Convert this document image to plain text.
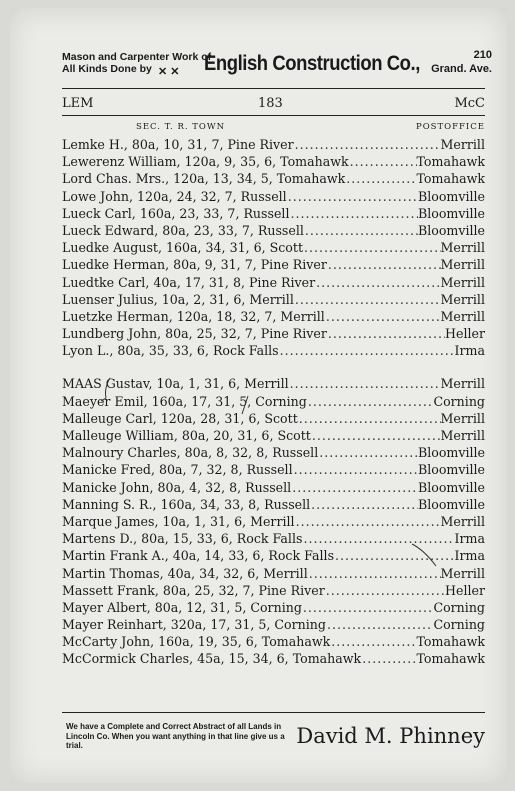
Mason and Carpenter Work of
All Kinds Done by ✕ ✕ English Construction Co.,	210
Grand. Ave.
LEM	183	McC
SEC. T. R. TOWN	POSTOFFICE
Lemke H., 80a, 10, 31, 7, Pine River .....	Merrill
Lewerenz William, 120a, 9, 35, 6, Tomahawk .....	Tomahawk
Lord Chas. Mrs., 120a, 13, 34, 5, Tomahawk .....	Tomahawk
Lowe John, 120a, 24, 32, 7, Russell .....	Bloomville
Lueck Carl, 160a, 23, 33, 7, Russell .....	Bloomville
Lueck Edward, 80a, 23, 33, 7, Russell .....	Bloomville
Luedke August, 160a, 34, 31, 6, Scott .....	Merrill
Luedke Herman, 80a, 9, 31, 7, Pine River .....	Merrill
Luedtke Carl, 40a, 17, 31, 8, Pine River .....	Merrill
Luenser Julius, 10a, 2, 31, 6, Merrill .....	Merrill
Luetzke Herman, 120a, 18, 32, 7, Merrill .....	Merrill
Lundberg John, 80a, 25, 32, 7, Pine River .....	Heller
Lyon L., 80a, 35, 33, 6, Rock Falls .....	Irma
MAAS Gustav, 10a, 1, 31, 6, Merrill .....	Merrill
Maeyer Emil, 160a, 17, 31, 5, Corning .....	Corning
Malleuge Carl, 120a, 28, 31, 6, Scott .....	Merrill
Malleuge William, 80a, 20, 31, 6, Scott .....	Merrill
Malnoury Charles, 80a, 8, 32, 8, Russell .....	Bloomville
Manicke Fred, 80a, 7, 32, 8, Russell .....	Bloomville
Manicke John, 80a, 4, 32, 8, Russell .....	Bloomville
Manning S. R., 160a, 34, 33, 8, Russell .....	Bloomville
Marque James, 10a, 1, 31, 6, Merrill .....	Merrill
Martens D., 80a, 15, 33, 6, Rock Falls .....	Irma
Martin Frank A., 40a, 14, 33, 6, Rock Falls .....	Irma
Martin Thomas, 40a, 34, 32, 6, Merrill .....	Merrill
Massett Frank, 80a, 25, 32, 7, Pine River .....	Heller
Mayer Albert, 80a, 12, 31, 5, Corning .....	Corning
Mayer Reinhart, 320a, 17, 31, 5, Corning .....	Corning
McCarty John, 160a, 19, 35, 6, Tomahawk .....	Tomahawk
McCormick Charles, 45a, 15, 34, 6, Tomahawk .....	Tomahawk
We have a Complete and Correct Abstract of all Lands in Lincoln Co. When you want anything in that line give us a trial.	David M. Phinney
